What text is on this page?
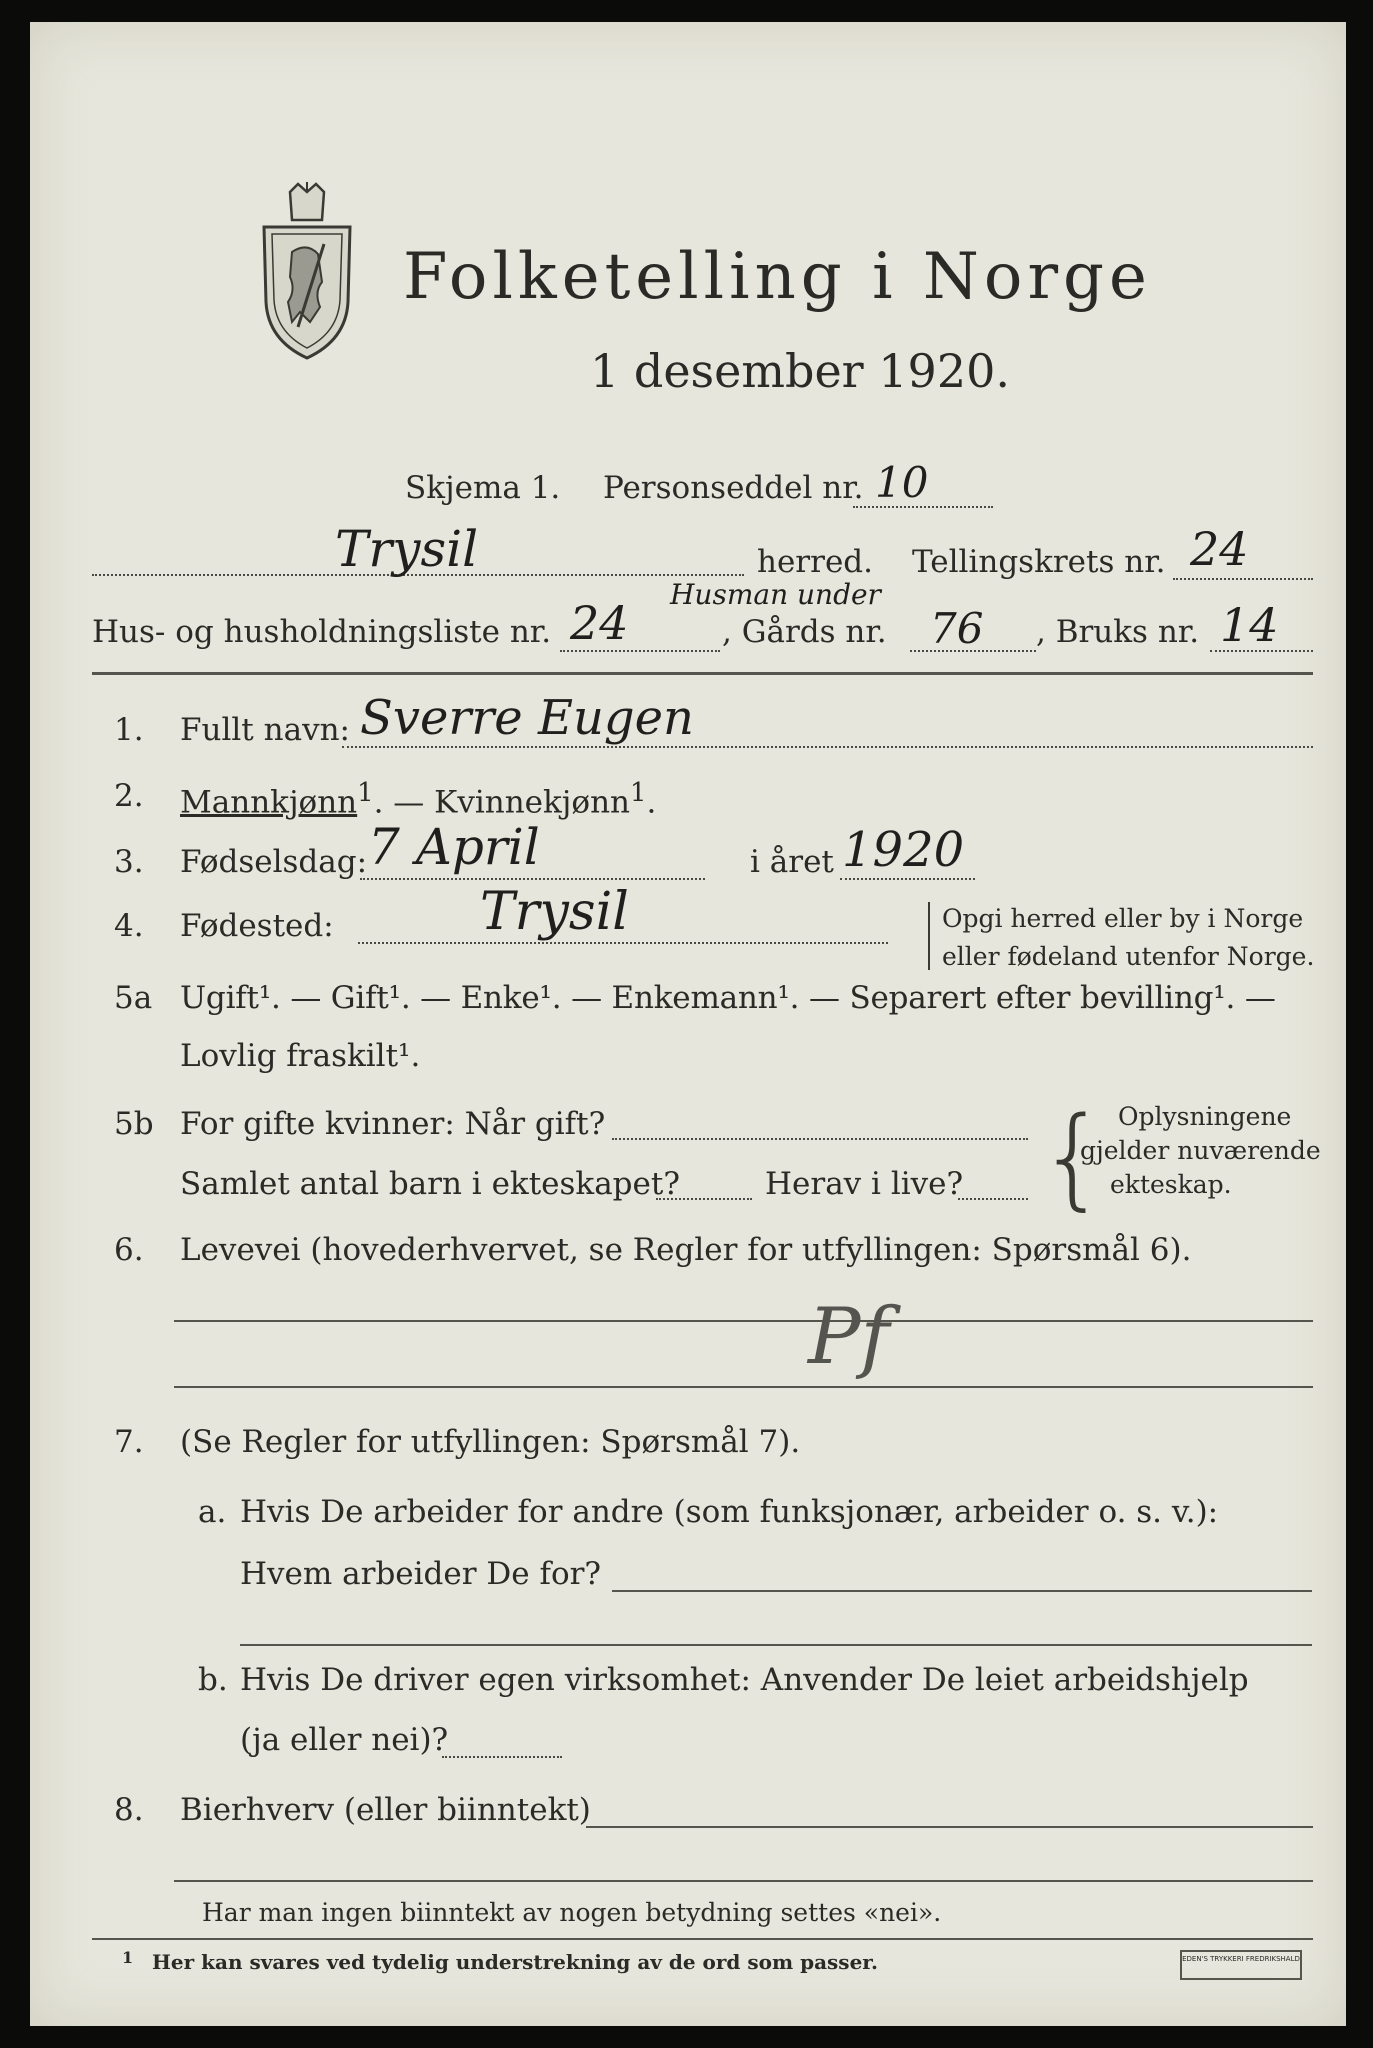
Folketelling i Norge
1 desember 1920.
Skjema 1. Personseddel nr. 10
Trysil	herred. Tellingskrets nr. 24
Husman under
Hus- og husholdningsliste nr. 24	, Gårds nr. 76 , Bruks nr. 14
1. Fullt navn: Sverre Eugen
2. Mannkjønn$^1$. — Kvinnekjønn$^1$.
3. Fødselsdag: 7 April	i året 1920
4. Fødested:	Trysil	Opgi herred eller by i Norge
eller fødeland utenfor Norge.
5a Ugift¹. — Gift¹. — Enke¹. — Enkemann¹. — Separert efter bevilling¹. —
Lovlig fraskilt¹.
5b For gifte kvinner: Når gift?
Samlet antal barn i ekteskapet?	Herav i live? { Oplysningene
gjelder nuværende
ekteskap.
6. Levevei (hovederhvervet, se Regler for utfyllingen: Spørsmål 6).
Pf
7. (Se Regler for utfyllingen: Spørsmål 7).
a. Hvis De arbeider for andre (som funksjonær, arbeider o. s. v.):
Hvem arbeider De for?
b. Hvis De driver egen virksomhet: Anvender De leiet arbeidshjelp
(ja eller nei)?
8. Bierhverv (eller biinntekt)
Har man ingen biinntekt av nogen betydning settes «nei».
1 Her kan svares ved tydelig understrekning av de ord som passer.	EDEN'S TRYKKERI FREDRIKSHALD
